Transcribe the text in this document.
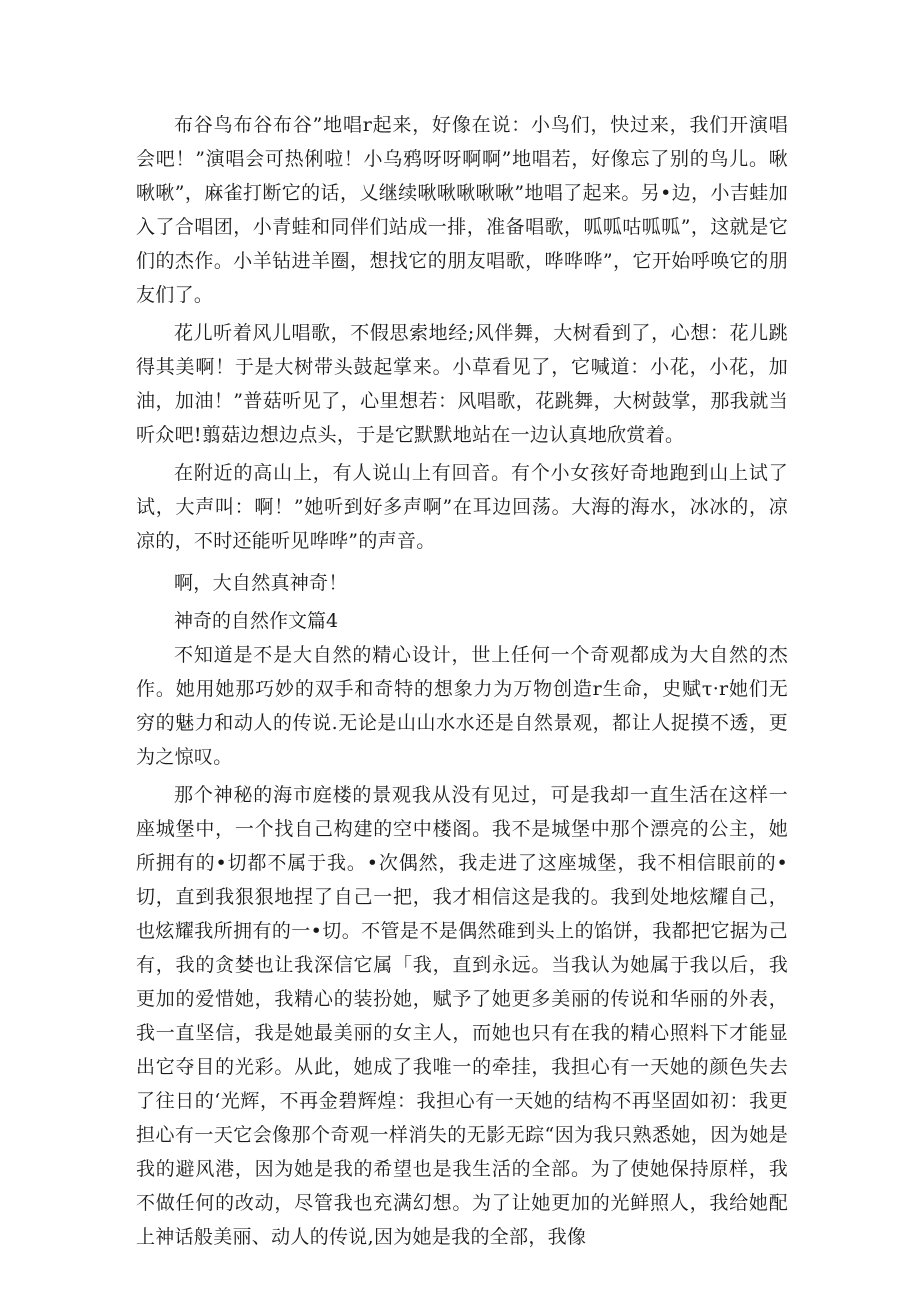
布谷鸟布谷布谷”地唱r起来，好像在说：小鸟们，快过来，我们开演唱会吧！”演唱会可热俐啦！小乌鸦呀呀啊啊”地唱若，好像忘了别的鸟儿。啾啾啾”，麻雀打断它的话，乂继续啾啾啾啾啾”地唱了起来。另•边，小吉蛙加入了合唱团，小青蛙和同伴们站成一排，准备唱歌，呱呱咕呱呱”，这就是它们的杰作。小羊钻进羊圈，想找它的朋友唱歌，哗哗哗”，它开始呼唤它的朋友们了。

花儿听着风儿唱歌，不假思索地经;风伴舞，大树看到了，心想：花儿跳得其美啊！于是大树带头鼓起掌来。小草看见了，它喊道：小花，小花，加油，加油！”普菇听见了，心里想若：风唱歌，花跳舞，大树鼓掌，那我就当听众吧!翦菇边想边点头，于是它默默地站在一边认真地欣赏着。

在附近的高山上，有人说山上有回音。有个小女孩好奇地跑到山上试了试，大声叫：啊！”她听到好多声啊”在耳边回荡。大海的海水，冰冰的，凉凉的，不时还能听见哗哗”的声音。

啊，大自然真神奇！

神奇的自然作文篇4

不知道是不是大自然的精心设计，世上任何一个奇观都成为大自然的杰作。她用她那巧妙的双手和奇特的想象力为万物创造r生命，史赋τ·r她们无穷的魅力和动人的传说.无论是山山水水还是自然景观，都让人捉摸不透，更为之惊叹。

那个神秘的海市庭楼的景观我从没有见过，可是我却一直生活在这样一座城堡中，一个找自己构建的空中楼阁。我不是城堡中那个漂亮的公主，她所拥有的•切都不属于我。•次偶然，我走进了这座城堡，我不相信眼前的•切，直到我狠狠地捏了自己一把，我才相信这是我的。我到处地炫耀自己，也炫耀我所拥有的一•切。不管是不是偶然碓到头上的馅饼，我都把它据为己有，我的贪婪也让我深信它属「我，直到永远。当我认为她属于我以后，我更加的爱惜她，我精心的装扮她，赋予了她更多美丽的传说和华丽的外表，我一直坚信，我是她最美丽的女主人，而她也只有在我的精心照料下才能显出它夺目的光彩。从此，她成了我唯一的牵挂，我担心有一天她的颜色失去了往日的‘光辉，不再金碧辉煌：我担心有一天她的结构不再坚固如初：我更担心有一天它会像那个奇观一样消失的无影无踪“因为我只熟悉她，因为她是我的避风港，因为她是我的希望也是我生活的全部。为了使她保持原样，我不做任何的改动，尽管我也充满幻想。为了让她更加的光鲜照人，我给她配上神话般美丽、动人的传说,因为她是我的全部，我像
